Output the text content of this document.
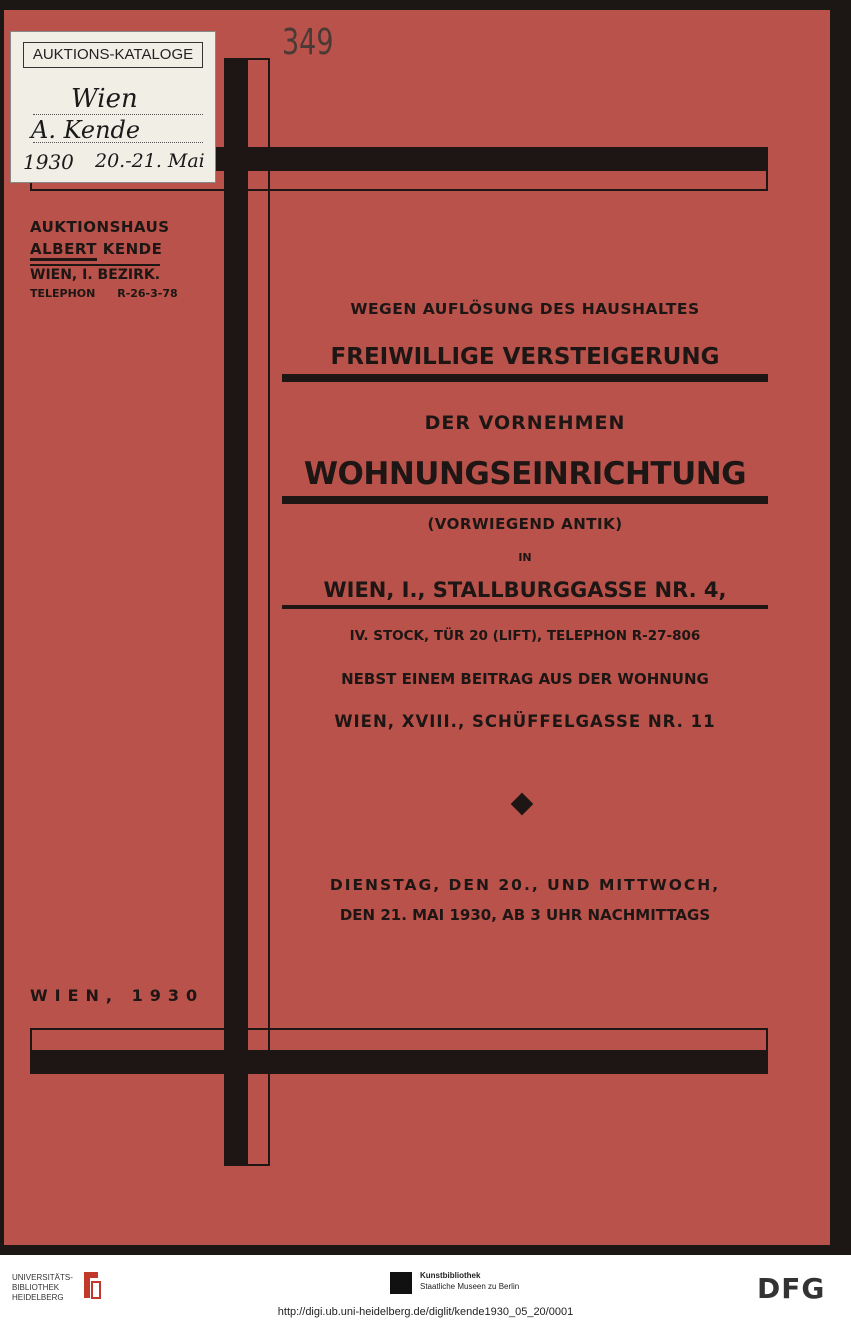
AUKTIONS-KATALOGE
Wien
A. Kende
1930 20.-21. Mai
349
AUKTIONSHAUS
ALBERT KENDE
WIEN, I. BEZIRK.
TELEPHON R-26-3-78
WEGEN AUFLÖSUNG DES HAUSHALTES
FREIWILLIGE VERSTEIGERUNG
DER VORNEHMEN
WOHNUNGSEINRICHTUNG
(VORWIEGEND ANTIK)
IN
WIEN, I., STALLBURGGASSE NR. 4,
IV. STOCK, TÜR 20 (LIFT), TELEPHON R-27-806
NEBST EINEM BEITRAG AUS DER WOHNUNG
WIEN, XVIII., SCHÜFFELGASSE NR. 11
DIENSTAG, DEN 20., UND MITTWOCH,
DEN 21. MAI 1930, AB 3 UHR NACHMITTAGS
WIEN, 1930
UNIVERSITÄTS-
BIBLIOTHEK
HEIDELBERG
Kunstbibliothek
Staatliche Museen zu Berlin	DFG
http://digi.ub.uni-heidelberg.de/diglit/kende1930_05_20/0001
